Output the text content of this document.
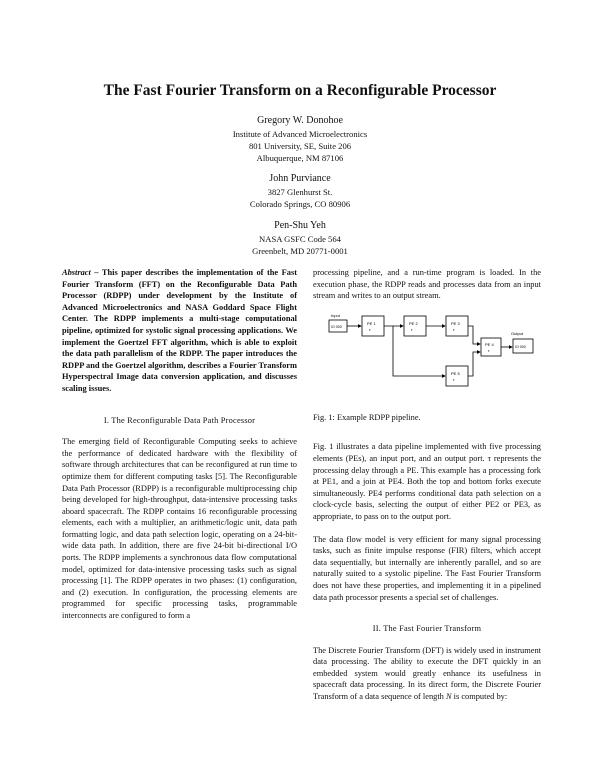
The Fast Fourier Transform on a Reconfigurable Processor
Gregory W. Donohoe
Institute of Advanced Microelectronics
801 University, SE, Suite 206
Albuquerque, NM 87106
John Purviance
3827 Glenhurst St.
Colorado Springs, CO 80906
Pen-Shu Yeh
NASA GSFC Code 564
Greenbelt, MD 20771-0001

Abstract – This paper describes the implementation of the Fast Fourier Transform (FFT) on the Reconfigurable Data Path Processor (RDPP) under development by the Institute of Advanced Microelectronics and NASA Goddard Space Flight Center. The RDPP implements a multi-stage computational pipeline, optimized for systolic signal processing applications. We implement the Goertzel FFT algorithm, which is able to exploit the data path parallelism of the RDPP. The paper introduces the RDPP and the Goertzel algorithm, describes a Fourier Transform Hyperspectral Image data conversion application, and discusses scaling issues.

I. The Reconfigurable Data Path Processor

The emerging field of Reconfigurable Computing seeks to achieve the performance of dedicated hardware with the flexibility of software through architectures that can be reconfigured at run time to optimize them for different computing tasks [5]. The Reconfigurable Data Path Processor (RDPP) is a reconfigurable multiprocessing chip being developed for high-throughput, data-intensive processing tasks aboard spacecraft. The RDPP contains 16 reconfigurable processing elements, each with a multiplier, an arithmetic/logic unit, data path formatting logic, and data path selection logic, operating on a 24-bit-wide data path. In addition, there are five 24-bit bi-directional I/O ports. The RDPP implements a synchronous data flow computational model, optimized for data-intensive processing tasks such as signal processing [1]. The RDPP operates in two phases: (1) configuration, and (2) execution. In configuration, the processing elements are programmed for specific processing tasks, programmable interconnects are configured to form a

processing pipeline, and a run-time program is loaded. In the execution phase, the RDPP reads and processes data from an input stream and writes to an output stream.

Input
IO 000
PE 1
τ
PE 2
τ
PE 3
τ
PE 5
τ
PE 4
τ
Output
IO 000

Fig. 1: Example RDPP pipeline.

Fig. 1 illustrates a data pipeline implemented with five processing elements (PEs), an input port, and an output port. τ represents the processing delay through a PE. This example has a processing fork at PE1, and a join at PE4. Both the top and bottom forks execute simultaneously. PE4 performs conditional data path selection on a clock-cycle basis, selecting the output of either PE2 or PE3, as appropriate, to pass on to the output port.

The data flow model is very efficient for many signal processing tasks, such as finite impulse response (FIR) filters, which accept data sequentially, but internally are inherently parallel, and so are naturally suited to a systolic pipeline. The Fast Fourier Transform does not have these properties, and implementing it in a pipelined data path processor presents a special set of challenges.

II. The Fast Fourier Transform

The Discrete Fourier Transform (DFT) is widely used in instrument data processing. The ability to execute the DFT quickly in an embedded system would greatly enhance its usefulness in spacecraft data processing. In its direct form, the Discrete Fourier Transform of a data sequence of length N is computed by:
